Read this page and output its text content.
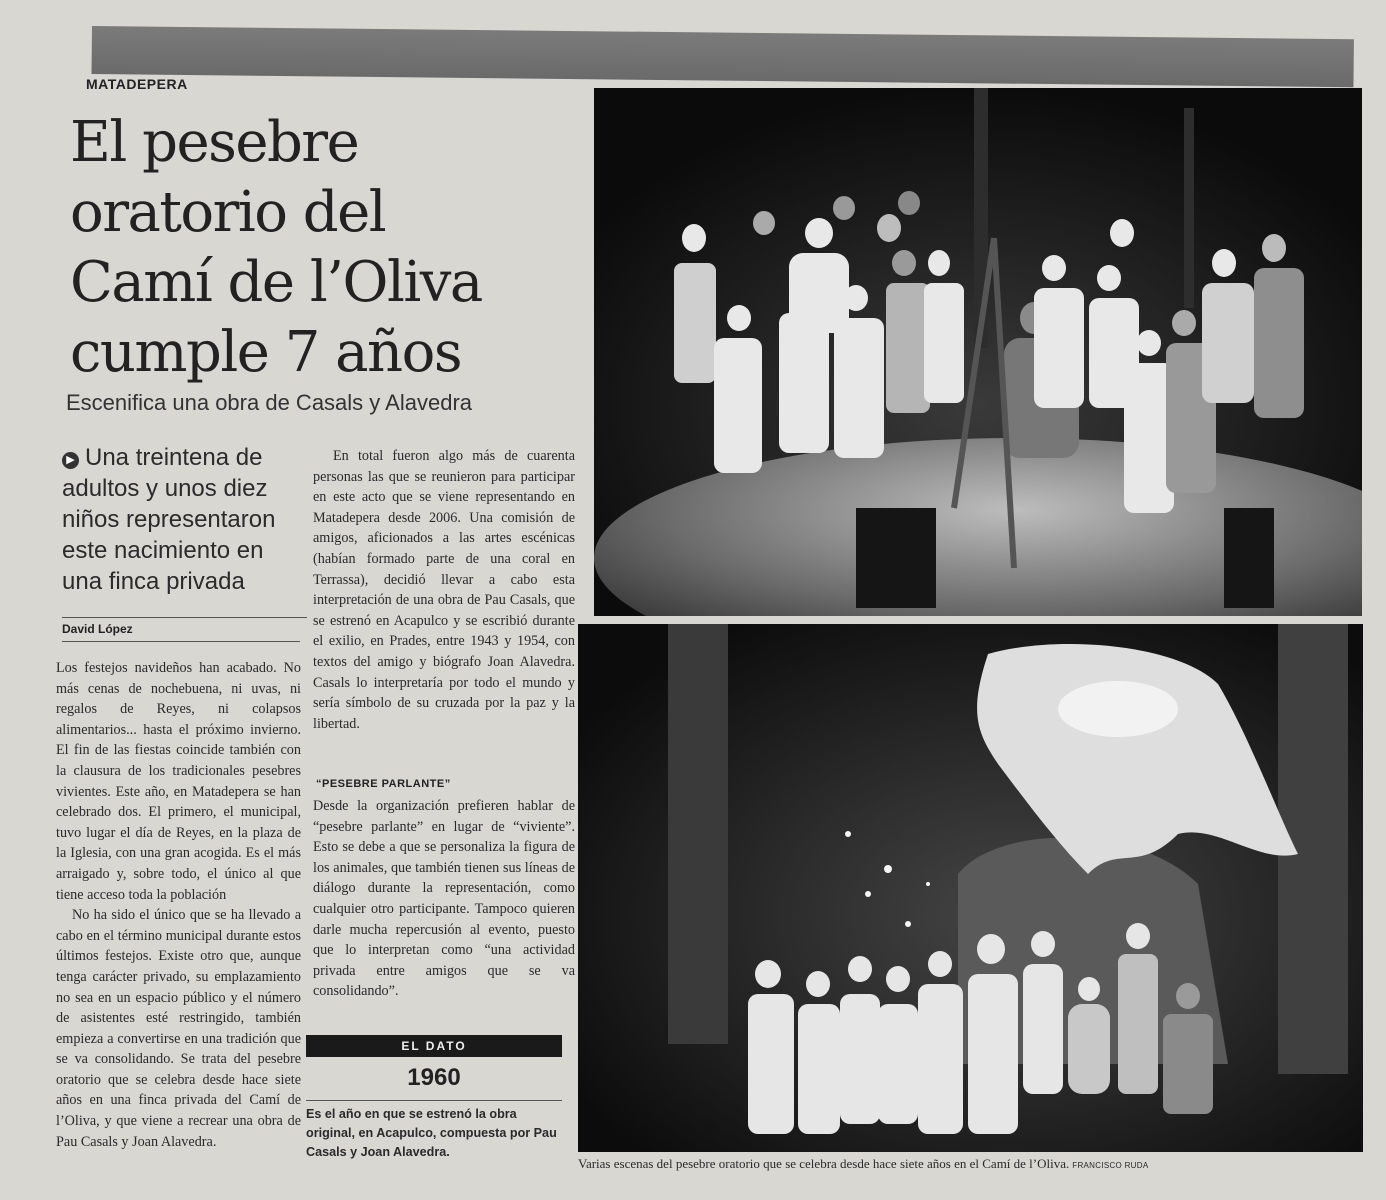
MATADEPERA
El pesebre
oratorio del
Camí de l’Oliva
cumple 7 años
Escenifica una obra de Casals y Alavedra
▶ Una treintena de adultos y unos diez niños representaron este nacimiento en una finca privada
David López

Los festejos navideños han acabado. No más cenas de nochebuena, ni uvas, ni regalos de Reyes, ni colapsos alimentarios... hasta el próximo invierno. El fin de las fiestas coincide también con la clausura de los tradicionales pesebres vivientes. Este año, en Matadepera se han celebrado dos. El primero, el municipal, tuvo lugar el día de Reyes, en la plaza de la Iglesia, con una gran acogida. Es el más arraigado y, sobre todo, el único al que tiene acceso toda la población

No ha sido el único que se ha llevado a cabo en el término municipal durante estos últimos festejos. Existe otro que, aunque tenga carácter privado, su emplazamiento no sea en un espacio público y el número de asistentes esté restringido, también empieza a convertirse en una tradición que se va consolidando. Se trata del pesebre oratorio que se celebra desde hace siete años en una finca privada del Camí de l’Oliva, y que viene a recrear una obra de Pau Casals y Joan Alavedra.

En total fueron algo más de cuarenta personas las que se reunieron para participar en este acto que se viene representando en Matadepera desde 2006. Una comisión de amigos, aficionados a las artes escénicas (habían formado parte de una coral en Terrassa), decidió llevar a cabo esta interpretación de una obra de Pau Casals, que se estrenó en Acapulco y se escribió durante el exilio, en Prades, entre 1943 y 1954, con textos del amigo y biógrafo Joan Alavedra. Casals lo interpretaría por todo el mundo y sería símbolo de su cruzada por la paz y la libertad.

“PESEBRE PARLANTE”

Desde la organización prefieren hablar de “pesebre parlante” en lugar de “viviente”. Esto se debe a que se personaliza la figura de los animales, que también tienen sus líneas de diálogo durante la representación, como cualquier otro participante. Tampoco quieren darle mucha repercusión al evento, puesto que lo interpretan como “una actividad privada entre amigos que se va consolidando”.

EL DATO
1960
Es el año en que se estrenó la obra original, en Acapulco, compuesta por Pau Casals y Joan Alavedra.
Varias escenas del pesebre oratorio que se celebra desde hace siete años en el Camí de l’Oliva. FRANCISCO RUDA
